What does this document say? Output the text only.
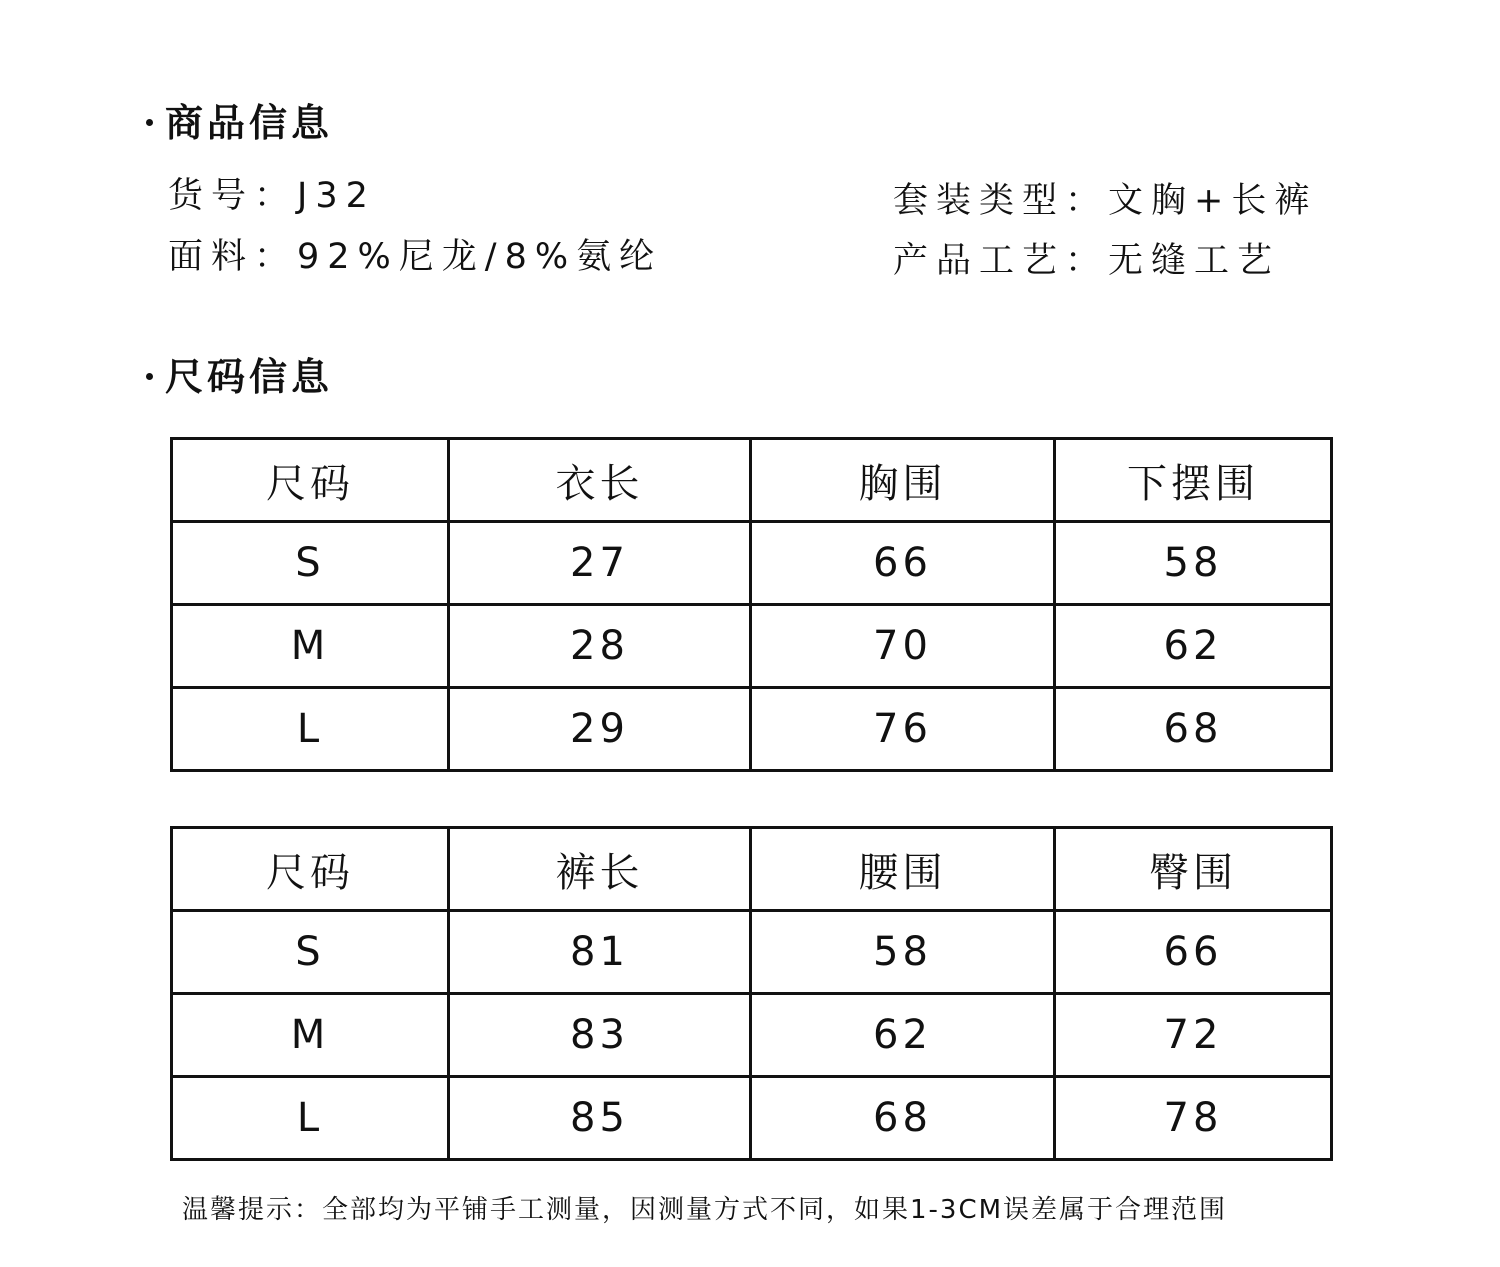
商品信息
货号：J32
面料：92%尼龙/8%氨纶
套装类型：文胸+长裤
产品工艺：无缝工艺
尺码信息
尺码	衣长	胸围	下摆围
S	27	66	58
M	28	70	62
L	29	76	68
尺码	裤长	腰围	臀围
S	81	58	66
M	83	62	72
L	85	68	78
温馨提示：全部均为平铺手工测量，因测量方式不同，如果1-3CM误差属于合理范围
